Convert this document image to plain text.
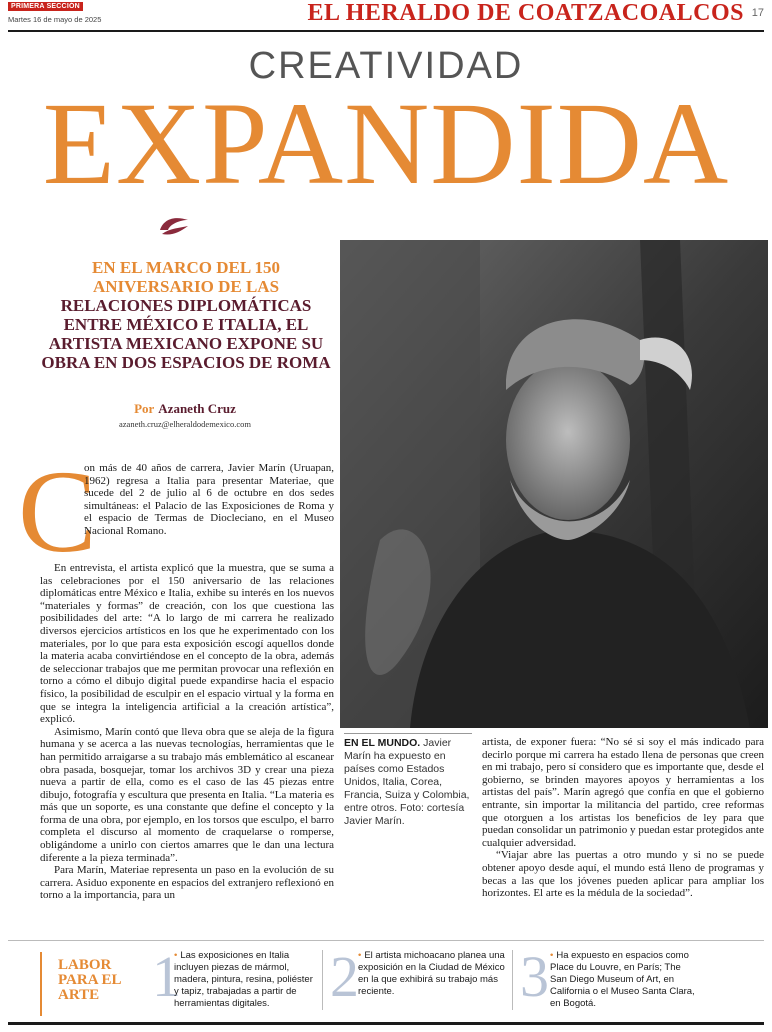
PRIMERA SECCIÓN
Martes 16 de mayo de 2025	EL HERALDO DE COATZACOALCOS 17
CREATIVIDAD
EXPANDIDA
EN EL MARCO DEL 150 ANIVERSARIO DE LAS
RELACIONES DIPLOMÁTICAS ENTRE MÉXICO E ITALIA, EL ARTISTA MEXICANO EXPONE SU OBRA EN DOS ESPACIOS DE ROMA
Por Azaneth Cruz
azaneth.cruz@elheraldodemexico.com
C

on más de 40 años de carrera, Javier Marín (Uruapan, 1962) regresa a Italia para presentar Materiae, que sucede del 2 de julio al 6 de octubre en dos sedes simultáneas: el Palacio de las Exposiciones de Roma y el espacio de Termas de Diocleciano, en el Museo Nacional Romano.

En entrevista, el artista explicó que la muestra, que se suma a las celebraciones por el 150 aniversario de las relaciones diplomáticas entre México e Italia, exhibe su interés en los nuevos “materiales y formas” de creación, con los que cuestiona las posibilidades del arte: “A lo largo de mi carrera he realizado diversos ejercicios artísticos en los que he experimentado con los materiales, por lo que para esta exposición escogí aquellos donde la materia acaba convirtiéndose en el concepto de la obra, además de seleccionar trabajos que me permitan provocar una reflexión en torno a cómo el dibujo digital puede expandirse hacia el espacio físico, la posibilidad de esculpir en el espacio virtual y la forma en que se integra la inteligencia artificial a la creación artística”, explicó.

Asimismo, Marín contó que lleva obra que se aleja de la figura humana y se acerca a las nuevas tecnologías, herramientas que le han permitido arraigarse a su trabajo más emblemático al escanear obra pasada, bosquejar, tomar los archivos 3D y crear una pieza nueva a partir de ella, como es el caso de las 45 piezas entre dibujo, fotografía y escultura que presenta en Italia. “La materia es más que un soporte, es una constante que define el concepto y la forma de una obra, por ejemplo, en los torsos que esculpo, el barro completa el discurso al momento de craquelarse o romperse, obligándome a unirlo con ciertos amarres que le dan una lectura diferente a la pieza terminada”.

Para Marín, Materiae representa un paso en la evolución de su carrera. Asiduo exponente en espacios del extranjero reflexionó en torno a la importancia, para un

EN EL MUNDO. Javier Marín ha expuesto en países como Estados Unidos, Italia, Corea, Francia, Suiza y Colombia, entre otros. Foto: cortesía Javier Marín.

artista, de exponer fuera: “No sé si soy el más indicado para decirlo porque mi carrera ha estado llena de personas que creen en mi trabajo, pero sí considero que es importante que, desde el gobierno, se brinden mayores apoyos y herramientas a los artistas del país”. Marín agregó que confía en que el gobierno entrante, sin importar la militancia del partido, cree reformas que otorguen a los artistas los beneficios de ley para que puedan consolidar un patrimonio y puedan estar protegidos ante cualquier adversidad.

“Viajar abre las puertas a otro mundo y si no se puede obtener apoyo desde aquí, el mundo está lleno de programas y becas a las que los jóvenes pueden aplicar para ampliar los horizontes. El arte es la médula de la sociedad”.

LABOR
PARA EL
ARTE 1 • Las exposiciones en Italia incluyen piezas de mármol, madera, pintura, resina, poliéster y tapiz, trabajadas a partir de herramientas digitales.	2 • El artista michoacano planea una exposición en la Ciudad de México en la que exhibirá su trabajo más reciente.	3 • Ha expuesto en espacios como Place du Louvre, en París; The San Diego Museum of Art, en California o el Museo Santa Clara, en Bogotá.
